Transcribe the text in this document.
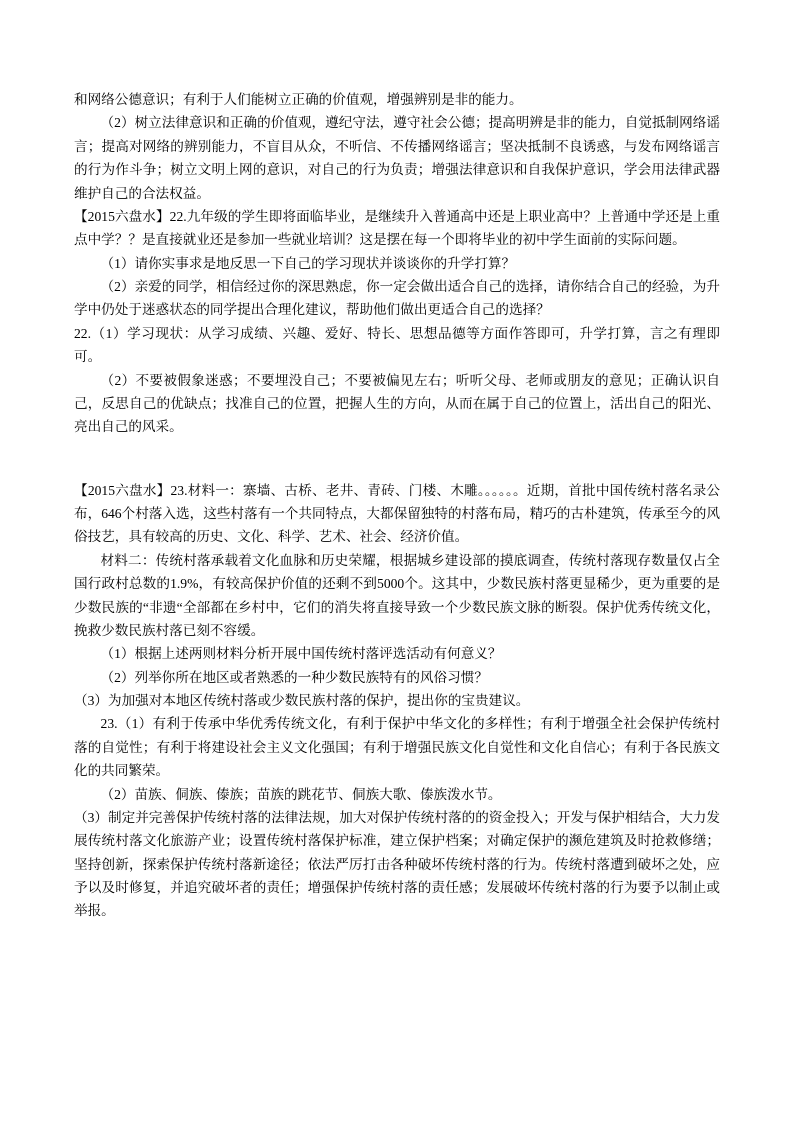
和网络公德意识；有利于人们能树立正确的价值观，增强辨别是非的能力。

（2）树立法律意识和正确的价值观，遵纪守法，遵守社会公德；提高明辨是非的能力，自觉抵制网络谣言；提高对网络的辨别能力，不盲目从众，不听信、不传播网络谣言；坚决抵制不良诱惑，与发布网络谣言的行为作斗争；树立文明上网的意识，对自己的行为负责；增强法律意识和自我保护意识，学会用法律武器维护自己的合法权益。

【2015六盘水】22.九年级的学生即将面临毕业，是继续升入普通高中还是上职业高中？上普通中学还是上重点中学？？是直接就业还是参加一些就业培训？这是摆在每一个即将毕业的初中学生面前的实际问题。

（1）请你实事求是地反思一下自己的学习现状并谈谈你的升学打算？

（2）亲爱的同学，相信经过你的深思熟虑，你一定会做出适合自己的选择，请你结合自己的经验，为升学中仍处于迷惑状态的同学提出合理化建议，帮助他们做出更适合自己的选择？

22.（1）学习现状：从学习成绩、兴趣、爱好、特长、思想品德等方面作答即可，升学打算，言之有理即可。

（2）不要被假象迷惑；不要埋没自己；不要被偏见左右；听听父母、老师或朋友的意见；正确认识自己，反思自己的优缺点；找准自己的位置，把握人生的方向，从而在属于自己的位置上，活出自己的阳光、亮出自己的风采。

【2015六盘水】23.材料一：寨墙、古桥、老井、青砖、门楼、木雕。。。。。。近期，首批中国传统村落名录公布，646个村落入选，这些村落有一个共同特点，大都保留独特的村落布局，精巧的古朴建筑，传承至今的风俗技艺，具有较高的历史、文化、科学、艺术、社会、经济价值。

材料二：传统村落承载着文化血脉和历史荣耀，根据城乡建设部的摸底调查，传统村落现存数量仅占全国行政村总数的1.9%，有较高保护价值的还剩不到5000个。这其中，少数民族村落更显稀少，更为重要的是少数民族的“非遗“全部都在乡村中，它们的消失将直接导致一个少数民族文脉的断裂。保护优秀传统文化，挽救少数民族村落已刻不容缓。

（1）根据上述两则材料分析开展中国传统村落评选活动有何意义？

（2）列举你所在地区或者熟悉的一种少数民族特有的风俗习惯？

（3）为加强对本地区传统村落或少数民族村落的保护，提出你的宝贵建议。

23.（1）有利于传承中华优秀传统文化，有利于保护中华文化的多样性；有利于增强全社会保护传统村落的自觉性；有利于将建设社会主义文化强国；有利于增强民族文化自觉性和文化自信心；有利于各民族文化的共同繁荣。

（2）苗族、侗族、傣族；苗族的跳花节、侗族大歌、傣族泼水节。

（3）制定并完善保护传统村落的法律法规，加大对保护传统村落的的资金投入；开发与保护相结合，大力发展传统村落文化旅游产业；设置传统村落保护标准，建立保护档案；对确定保护的濒危建筑及时抢救修缮；坚持创新，探索保护传统村落新途径；依法严厉打击各种破坏传统村落的行为。传统村落遭到破坏之处，应予以及时修复，并追究破坏者的责任；增强保护传统村落的责任感；发展破坏传统村落的行为要予以制止或举报。
